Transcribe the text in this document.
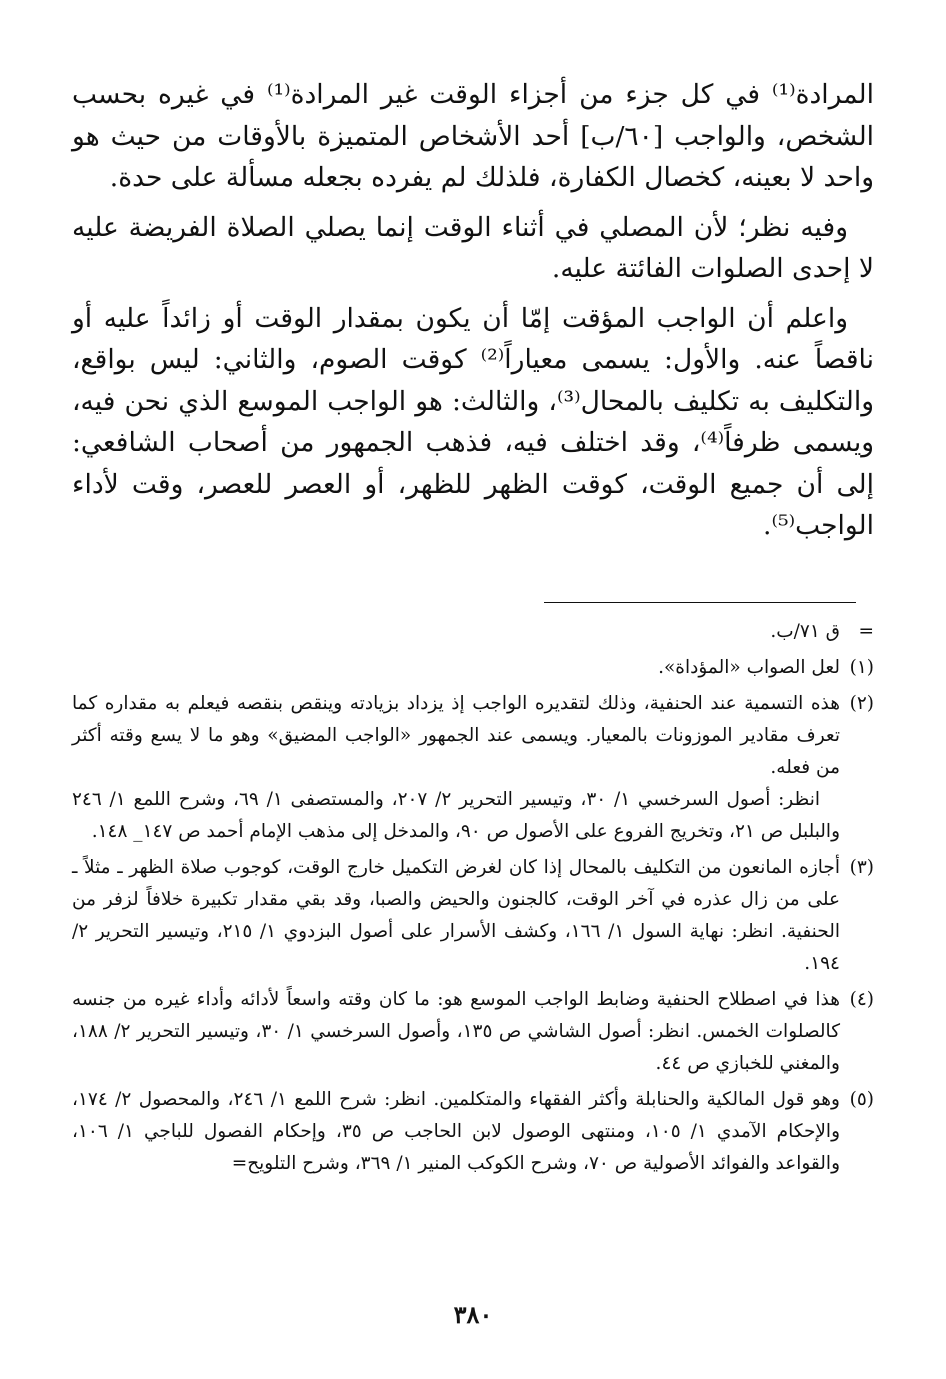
المرادة⁽¹⁾ في كل جزء من أجزاء الوقت غير المرادة⁽¹⁾ في غيره بحسب الشخص، والواجب [٦٠/ب] أحد الأشخاص المتميزة بالأوقات من حيث هو واحد لا بعينه، كخصال الكفارة، فلذلك لم يفرده بجعله مسألة على حدة.

وفيه نظر؛ لأن المصلي في أثناء الوقت إنما يصلي الصلاة الفريضة عليه لا إحدى الصلوات الفائتة عليه.

واعلم أن الواجب المؤقت إمّا أن يكون بمقدار الوقت أو زائداً عليه أو ناقصاً عنه. والأول: يسمى معياراً⁽²⁾ كوقت الصوم، والثاني: ليس بواقع، والتكليف به تكليف بالمحال⁽³⁾، والثالث: هو الواجب الموسع الذي نحن فيه، ويسمى ظرفاً⁽⁴⁾، وقد اختلف فيه، فذهب الجمهور من أصحاب الشافعي: إلى أن جميع الوقت، كوقت الظهر للظهر، أو العصر للعصر، وقت لأداء الواجب⁽⁵⁾.

=
ق ٧١/ب.
(١)
لعل الصواب «المؤداة».
(٢)
هذه التسمية عند الحنفية، وذلك لتقديره الواجب إذ يزداد بزيادته وينقص بنقصه فيعلم به مقداره كما تعرف مقادير الموزونات بالمعيار. ويسمى عند الجمهور «الواجب المضيق» وهو ما لا يسع وقته أكثر من فعله.
انظر: أصول السرخسي ١/ ٣٠، وتيسير التحرير ٢/ ٢٠٧، والمستصفى ١/ ٦٩، وشرح اللمع ١/ ٢٤٦ والبلبل ص ٢١، وتخريج الفروع على الأصول ص ٩٠، والمدخل إلى مذهب الإمام أحمد ص ١٤٧_ ١٤٨.
(٣)
أجازه المانعون من التكليف بالمحال إذا كان لغرض التكميل خارج الوقت، كوجوب صلاة الظهر ـ مثلاً ـ على من زال عذره في آخر الوقت، كالجنون والحيض والصبا، وقد بقي مقدار تكبيرة خلافاً لزفر من الحنفية. انظر: نهاية السول ١/ ١٦٦، وكشف الأسرار على أصول البزدوي ١/ ٢١٥، وتيسير التحرير ٢/ ١٩٤.
(٤)
هذا في اصطلاح الحنفية وضابط الواجب الموسع هو: ما كان وقته واسعاً لأدائه وأداء غيره من جنسه كالصلوات الخمس. انظر: أصول الشاشي ص ١٣٥، وأصول السرخسي ١/ ٣٠، وتيسير التحرير ٢/ ١٨٨، والمغني للخبازي ص ٤٤.
(٥)
وهو قول المالكية والحنابلة وأكثر الفقهاء والمتكلمين. انظر: شرح اللمع ١/ ٢٤٦، والمحصول ٢/ ١٧٤، والإحكام الآمدي ١/ ١٠٥، ومنتهى الوصول لابن الحاجب ص ٣٥، وإحكام الفصول للباجي ١/ ١٠٦، والقواعد والفوائد الأصولية ص ٧٠، وشرح الكوكب المنير ١/ ٣٦٩، وشرح التلويح=
٣٨٠
